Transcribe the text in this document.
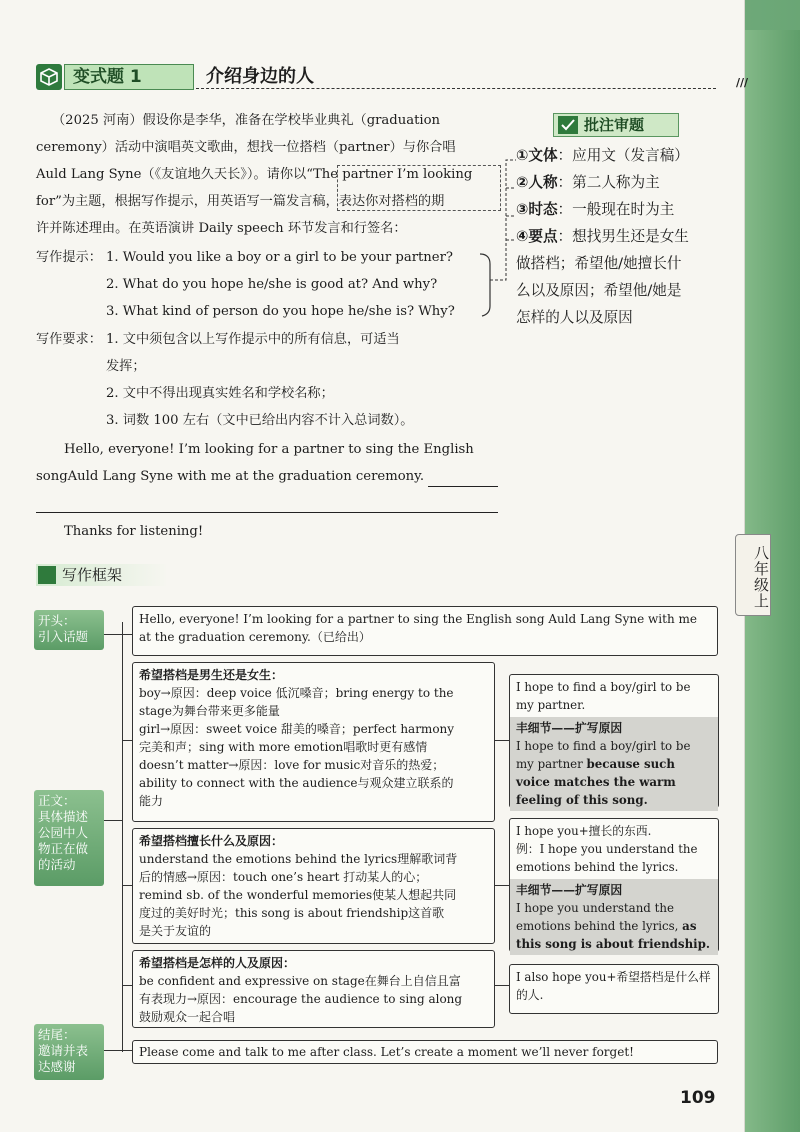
八年级上
变式题 1	介绍身边的人	///
（2025 河南）假设你是李华，准备在学校毕业典礼（graduation
ceremony）活动中演唱英文歌曲，想找一位搭档（partner）与你合唱
Auld Lang Syne（《友谊地久天长》）。请你以“The partner I’m looking
for”为主题，根据写作提示，用英语写一篇发言稿，表达你对搭档的期
许并陈述理由。在英语演讲 Daily speech 环节发言和行签名：
写作提示： 1. Would you like a boy or a girl to be your partner?
2. What do you hope he/she is good at? And why?
3. What kind of person do you hope he/she is? Why?
写作要求： 1. 文中须包含以上写作提示中的所有信息，可适当
发挥；
2. 文中不得出现真实姓名和学校名称；
3. 词数 100 左右（文中已给出内容不计入总词数）。
Hello, everyone! I’m looking for a partner to sing the English
songAuld Lang Syne with me at the graduation ceremony.
Thanks for listening!
批注审题
①文体：应用文（发言稿）
②人称：第二人称为主
③时态：一般现在时为主
④要点：想找男生还是女生
做搭档；希望他/她擅长什
么以及原因；希望他/她是
怎样的人以及原因
写作框架
开头：
引入话题
正文：
具体描述
公园中人
物正在做
的活动
结尾：
邀请并表
达感谢
Hello, everyone! I’m looking for a partner to sing the English song Auld Lang Syne with me at the graduation ceremony.（已给出）
希望搭档是男生还是女生：
boy→原因：deep voice 低沉嗓音；bring energy to the
stage为舞台带来更多能量
girl→原因：sweet voice 甜美的嗓音；perfect harmony
完美和声；sing with more emotion唱歌时更有感情
doesn’t matter→原因：love for music对音乐的热爱；
ability to connect with the audience与观众建立联系的
能力
希望搭档擅长什么及原因：
understand the emotions behind the lyrics理解歌词背
后的情感→原因：touch one’s heart 打动某人的心；
remind sb. of the wonderful memories使某人想起共同
度过的美好时光；this song is about friendship这首歌
是关于友谊的
希望搭档是怎样的人及原因：
be confident and expressive on stage在舞台上自信且富
有表现力→原因：encourage the audience to sing along
鼓励观众一起合唱
I hope to find a boy/girl to be my partner.
丰细节——扩写原因
I hope to find a boy/girl to be my partner because such voice matches the warm feeling of this song.
I hope you+擅长的东西.
例：I hope you understand the emotions behind the lyrics.
丰细节——扩写原因
I hope you understand the emotions behind the lyrics, as this song is about friendship.
I also hope you+希望搭档是什么样的人.
Please come and talk to me after class. Let’s create a moment we’ll never forget!
109
